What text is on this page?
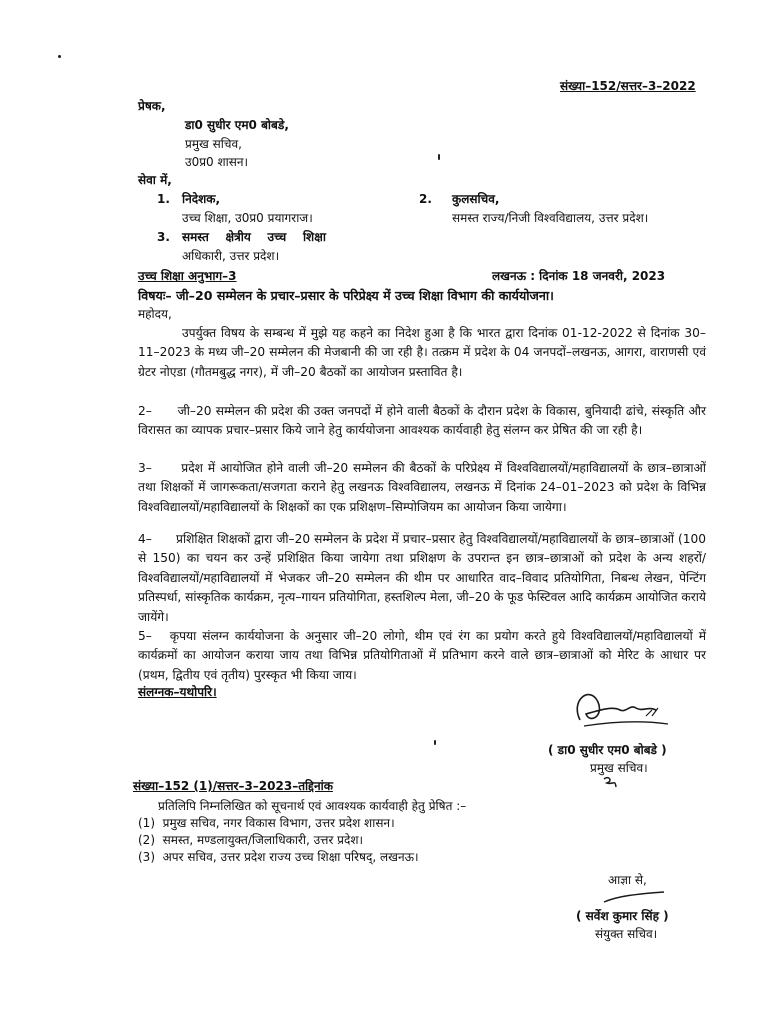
संख्या–152/सत्तर–3–2022
प्रेषक,
डा0 सुधीर एम0 बोबडे,
प्रमुख सचिव,
उ0प्र0 शासन।
सेवा में,
1. निदेशक,
उच्च शिक्षा, उ0प्र0 प्रयागराज।
2. कुलसचिव,
समस्त राज्य/निजी विश्वविद्यालय, उत्तर प्रदेश।
3. समस्त    क्षेत्रीय    उच्च    शिक्षा
अधिकारी, उत्तर प्रदेश।
उच्च शिक्षा अनुभाग–3	लखनऊ : दिनांक 18 जनवरी, 2023
विषयः– जी–20 सम्मेलन के प्रचार–प्रसार के परिप्रेक्ष्य में उच्च शिक्षा विभाग की कार्ययोजना।
महोदय,
उपर्युक्त विषय के सम्बन्ध में मुझे यह कहने का निदेश हुआ है कि भारत द्वारा दिनांक 01-12-2022 से दिनांक 30–11–2023 के मध्य जी–20 सम्मेलन की मेजबानी की जा रही है। तत्क्रम में प्रदेश के 04 जनपदों–लखनऊ, आगरा, वाराणसी एवं ग्रेटर नोएडा (गौतमबुद्ध नगर), में जी–20 बैठकों का आयोजन प्रस्तावित है।
2–      जी–20 सम्मेलन की प्रदेश की उक्त जनपदों में होने वाली बैठकों के दौरान प्रदेश के विकास, बुनियादी ढांचे, संस्कृति और विरासत का व्यापक प्रचार–प्रसार किये जाने हेतु कार्ययोजना आवश्यक कार्यवाही हेतु संलग्न कर प्रेषित की जा रही है।
3–      प्रदेश में आयोजित होने वाली जी–20 सम्मेलन की बैठकों के परिप्रेक्ष्य में विश्वविद्यालयों/महाविद्यालयों के छात्र–छात्राओं तथा शिक्षकों में जागरूकता/सजगता कराने हेतु लखनऊ विश्वविद्यालय, लखनऊ में दिनांक 24–01–2023 को प्रदेश के विभिन्न विश्वविद्यालयों/महाविद्यालयों के शिक्षकों का एक प्रशिक्षण–सिम्पोजियम का आयोजन किया जायेगा।
4–      प्रशिक्षित शिक्षकों द्वारा जी–20 सम्मेलन के प्रदेश में प्रचार–प्रसार हेतु विश्वविद्यालयों/महाविद्यालयों के छात्र–छात्राओं (100 से 150) का चयन कर उन्हें प्रशिक्षित किया जायेगा तथा प्रशिक्षण के उपरान्त इन छात्र–छात्राओं को प्रदेश के अन्य शहरों/विश्वविद्यालयों/महाविद्यालयों में भेजकर जी–20 सम्मेलन की थीम पर आधारित वाद–विवाद प्रतियोगिता, निबन्ध लेखन, पेन्टिंग प्रतिस्पर्धा, सांस्कृतिक कार्यक्रम, नृत्य–गायन प्रतियोगिता, हस्तशिल्प मेला, जी–20 के फूड फेस्टिवल आदि कार्यक्रम आयोजित कराये जायेंगे।
5–   कृपया संलग्न कार्ययोजना के अनुसार जी–20 लोगो, थीम एवं रंग का प्रयोग करते हुये विश्वविद्यालयों/महाविद्यालयों में कार्यक्रमों का आयोजन कराया जाय तथा विभिन्न प्रतियोगिताओं में प्रतिभाग करने वाले छात्र–छात्राओं को मेरिट के आधार पर (प्रथम, द्वितीय एवं तृतीय) पुरस्कृत भी किया जाय।
संलग्नक–यथोपरि।
( डा0 सुधीर एम0 बोबडे )
प्रमुख सचिव।
संख्या–152 (1)/सत्तर–3–2023–तद्दिनांक
प्रतिलिपि निम्नलिखित को सूचनार्थ एवं आवश्यक कार्यवाही हेतु प्रेषित :–
(1)  प्रमुख सचिव, नगर विकास विभाग, उत्तर प्रदेश शासन।
(2)  समस्त, मण्डलायुक्त/जिलाधिकारी, उत्तर प्रदेश।
(3)  अपर सचिव, उत्तर प्रदेश राज्य उच्च शिक्षा परिषद्, लखनऊ।
आज्ञा से,
( सर्वेश कुमार सिंह )
संयुक्त सचिव।
